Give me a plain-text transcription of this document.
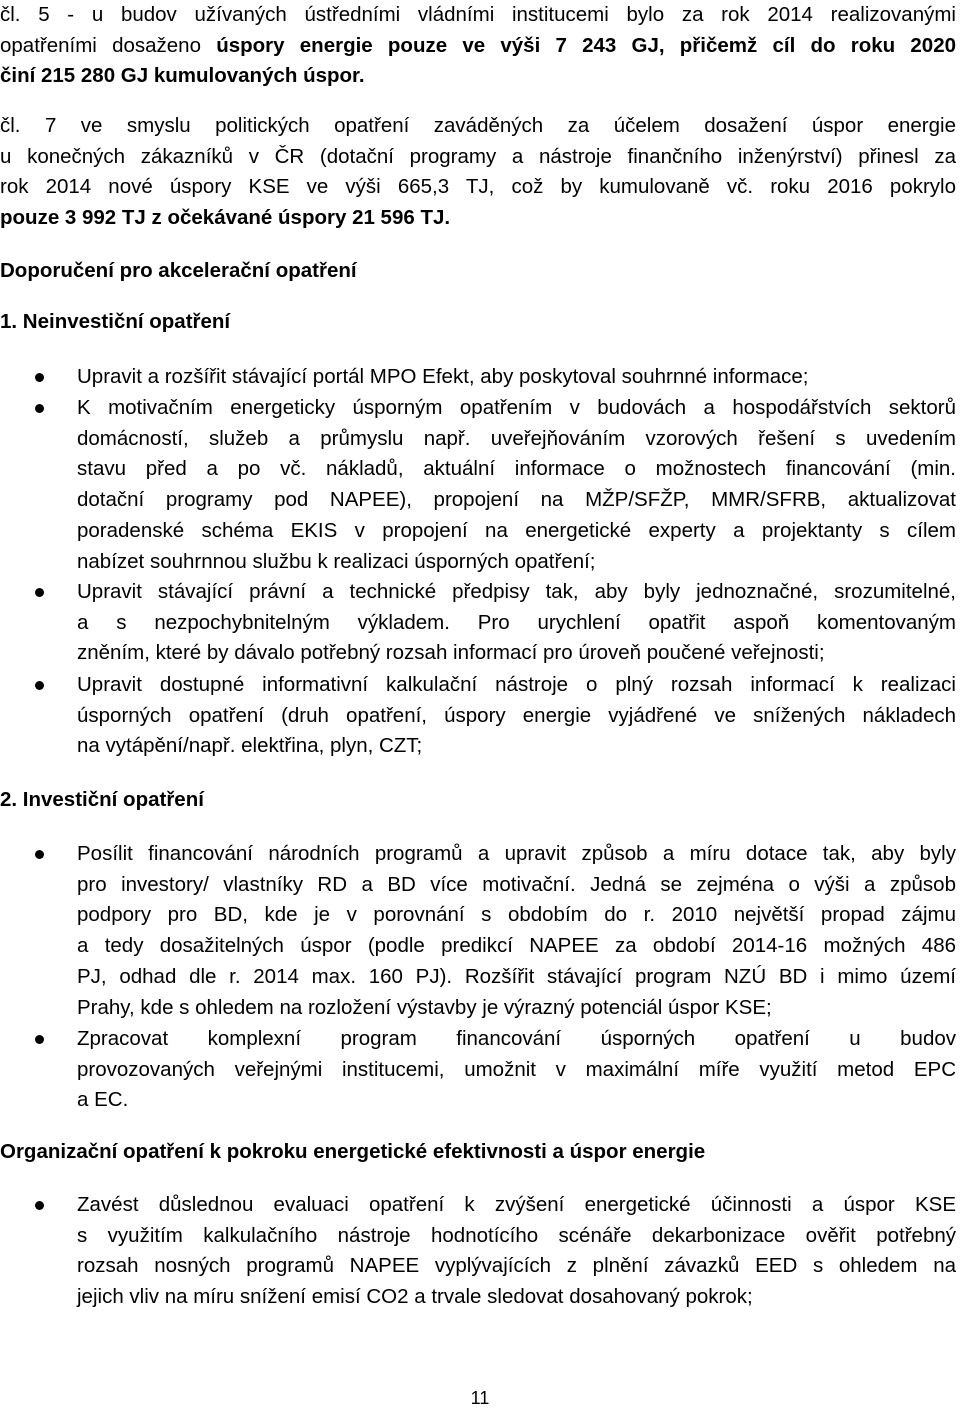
čl. 5 - u budov užívaných ústředními vládními institucemi bylo za rok 2014 realizovanými
opatřeními dosaženo úspory energie pouze ve výši 7 243 GJ, přičemž cíl do roku 2020
činí 215 280 GJ kumulovaných úspor.
čl. 7 ve smyslu politických opatření zaváděných za účelem dosažení úspor energie
u konečných zákazníků v ČR (dotační programy a nástroje finančního inženýrství) přinesl za
rok 2014 nové úspory KSE ve výši 665,3 TJ, což by kumulovaně vč. roku 2016 pokrylo
pouze 3 992 TJ z očekávané úspory 21 596 TJ.
Doporučení pro akcelerační opatření
1. Neinvestiční opatření
Upravit a rozšířit stávající portál MPO Efekt, aby poskytoval souhrnné informace;
K motivačním energeticky úsporným opatřením v budovách a hospodářstvích sektorů
domácností, služeb a průmyslu např. uveřejňováním vzorových řešení s uvedením
stavu před a po vč. nákladů, aktuální informace o možnostech financování (min.
dotační programy pod NAPEE), propojení na MŽP/SFŽP, MMR/SFRB, aktualizovat
poradenské schéma EKIS v propojení na energetické experty a projektanty s cílem
nabízet souhrnnou službu k realizaci úsporných opatření;
Upravit stávající právní a technické předpisy tak, aby byly jednoznačné, srozumitelné,
a s nezpochybnitelným výkladem. Pro urychlení opatřit aspoň komentovaným
zněním, které by dávalo potřebný rozsah informací pro úroveň poučené veřejnosti;
Upravit dostupné informativní kalkulační nástroje o plný rozsah informací k realizaci
úsporných opatření (druh opatření, úspory energie vyjádřené ve snížených nákladech
na vytápění/např. elektřina, plyn, CZT;
2. Investiční opatření
Posílit financování národních programů a upravit způsob a míru dotace tak, aby byly
pro investory/ vlastníky RD a BD více motivační. Jedná se zejména o výši a způsob
podpory pro BD, kde je v porovnání s obdobím do r. 2010 největší propad zájmu
a tedy dosažitelných úspor (podle predikcí NAPEE za období 2014-16 možných 486
PJ, odhad dle r. 2014 max. 160 PJ). Rozšířit stávající program NZÚ BD i mimo území
Prahy, kde s ohledem na rozložení výstavby je výrazný potenciál úspor KSE;
Zpracovat komplexní program financování úsporných opatření u budov
provozovaných veřejnými institucemi, umožnit v maximální míře využití metod EPC
a EC.
Organizační opatření k pokroku energetické efektivnosti a úspor energie
Zavést důslednou evaluaci opatření k zvýšení energetické účinnosti a úspor KSE
s využitím kalkulačního nástroje hodnotícího scénáře dekarbonizace ověřit potřebný
rozsah nosných programů NAPEE vyplývajících z plnění závazků EED s ohledem na
jejich vliv na míru snížení emisí CO2 a trvale sledovat dosahovaný pokrok;
11
